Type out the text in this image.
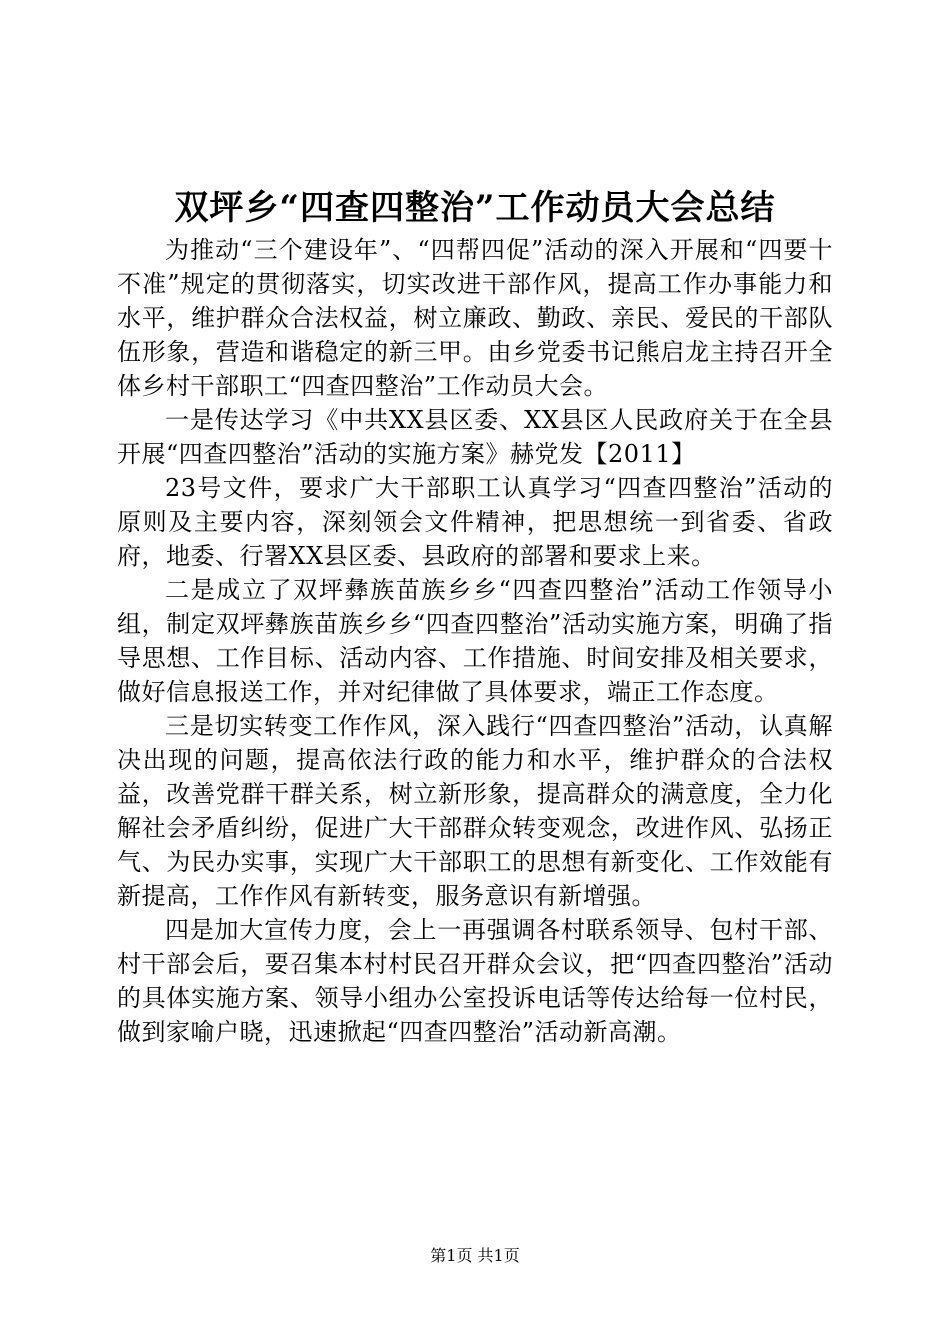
双坪乡“四查四整治”工作动员大会总结

为推动“三个建设年”、“四帮四促”活动的深入开展和“四要十不准”规定的贯彻落实，切实改进干部作风，提高工作办事能力和水平，维护群众合法权益，树立廉政、勤政、亲民、爱民的干部队伍形象，营造和谐稳定的新三甲。由乡党委书记熊启龙主持召开全体乡村干部职工“四查四整治”工作动员大会。

一是传达学习《中共XX县区委、XX县区人民政府关于在全县开展“四查四整治”活动的实施方案》赫党发【2011】

23号文件，要求广大干部职工认真学习“四查四整治”活动的原则及主要内容，深刻领会文件精神，把思想统一到省委、省政府，地委、行署XX县区委、县政府的部署和要求上来。

二是成立了双坪彝族苗族乡乡“四查四整治”活动工作领导小组，制定双坪彝族苗族乡乡“四查四整治”活动实施方案，明确了指导思想、工作目标、活动内容、工作措施、时间安排及相关要求，做好信息报送工作，并对纪律做了具体要求，端正工作态度。

三是切实转变工作作风，深入践行“四查四整治”活动，认真解决出现的问题，提高依法行政的能力和水平，维护群众的合法权益，改善党群干群关系，树立新形象，提高群众的满意度，全力化解社会矛盾纠纷，促进广大干部群众转变观念，改进作风、弘扬正气、为民办实事，实现广大干部职工的思想有新变化、工作效能有新提高，工作作风有新转变，服务意识有新增强。

四是加大宣传力度，会上一再强调各村联系领导、包村干部、村干部会后，要召集本村村民召开群众会议，把“四查四整治”活动的具体实施方案、领导小组办公室投诉电话等传达给每一位村民，做到家喻户晓，迅速掀起“四查四整治”活动新高潮。

第1页 共1页
